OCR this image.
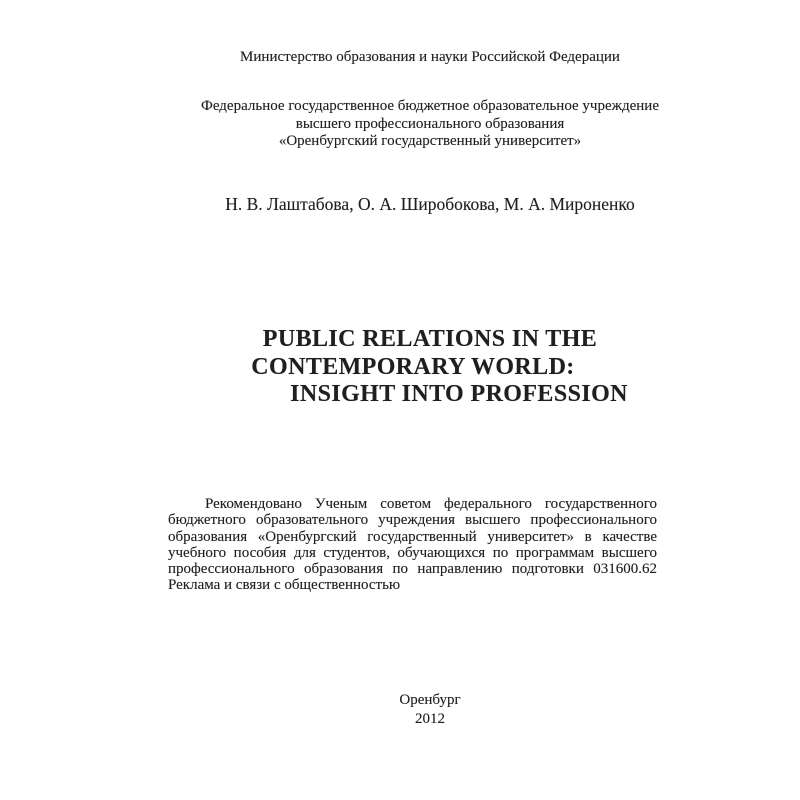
Министерство образования и науки Российской Федерации
Федеральное государственное бюджетное образовательное учреждение
высшего профессионального образования
«Оренбургский государственный университет»
Н. В. Лаштабова, О. А. Широбокова, М. А. Мироненко
PUBLIC RELATIONS IN THE
CONTEMPORARY WORLD:
INSIGHT INTO PROFESSION
Рекомендовано Ученым советом федерального государственного бюджетного образовательного учреждения высшего профессионального образования «Оренбургский государственный университет» в качестве учебного пособия для студентов, обучающихся по программам высшего профессионального образования по направлению подготовки 031600.62 Реклама и связи с общественностью
Оренбург
2012
